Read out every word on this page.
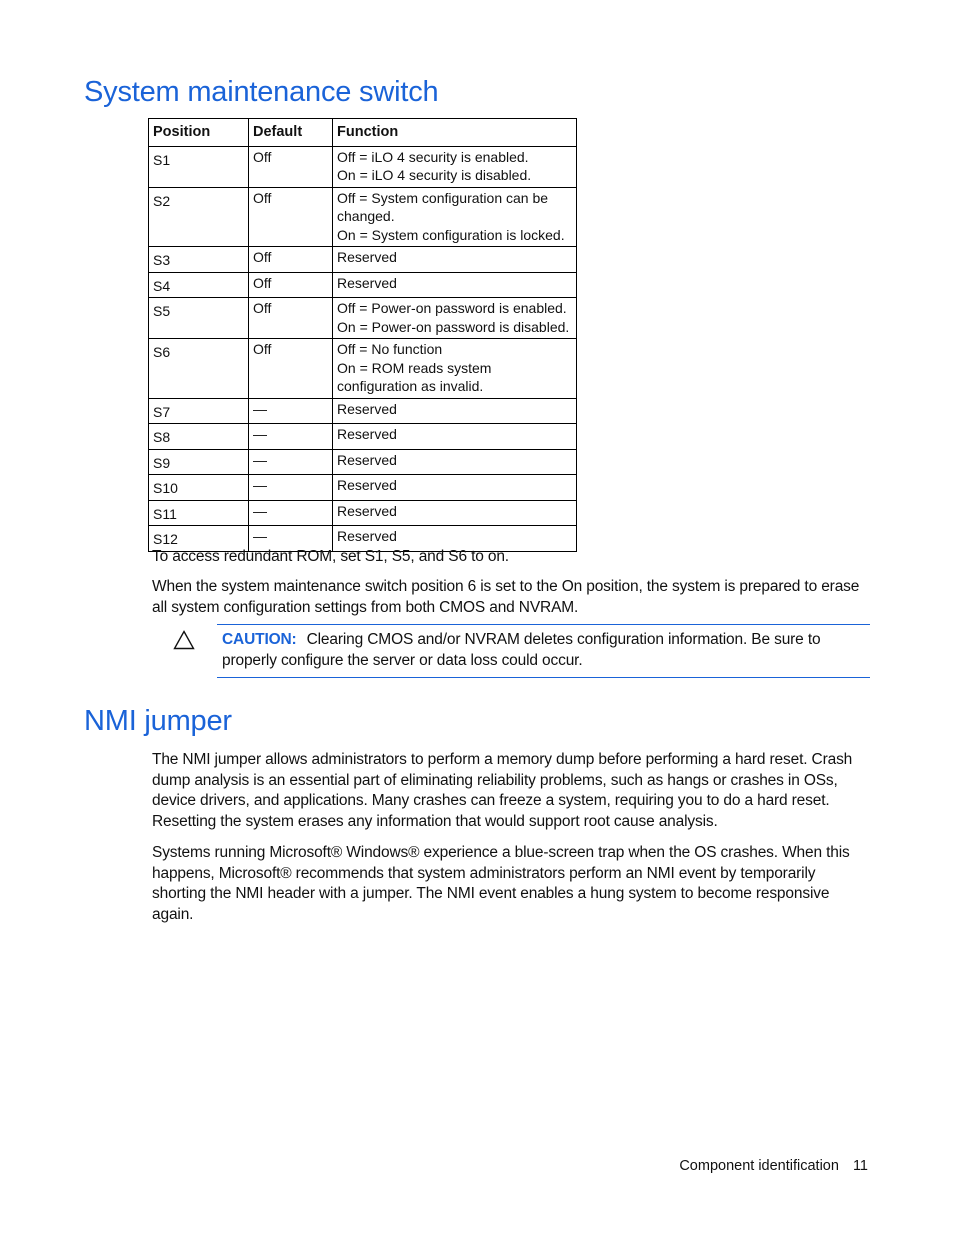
System maintenance switch
Position	Default	Function
S1	Off	Off = iLO 4 security is enabled.
On = iLO 4 security is disabled.

S2	Off	Off = System configuration can be changed.
On = System configuration is locked.

S3	Off	Reserved

S4	Off	Reserved

S5	Off	Off = Power-on password is enabled.
On = Power-on password is disabled.

S6	Off	Off = No function
On = ROM reads system configuration as invalid.

S7	—	Reserved

S8	—	Reserved

S9	—	Reserved

S10	—	Reserved

S11	—	Reserved

S12	—	Reserved

To access redundant ROM, set S1, S5, and S6 to on.

When the system maintenance switch position 6 is set to the On position, the system is prepared to erase all system configuration settings from both CMOS and NVRAM.

CAUTION: Clearing CMOS and/or NVRAM deletes configuration information. Be sure to properly configure the server or data loss could occur.

NMI jumper

The NMI jumper allows administrators to perform a memory dump before performing a hard reset. Crash dump analysis is an essential part of eliminating reliability problems, such as hangs or crashes in OSs, device drivers, and applications. Many crashes can freeze a system, requiring you to do a hard reset. Resetting the system erases any information that would support root cause analysis.

Systems running Microsoft® Windows® experience a blue-screen trap when the OS crashes. When this happens, Microsoft® recommends that system administrators perform an NMI event by temporarily shorting the NMI header with a jumper. The NMI event enables a hung system to become responsive again.

Component identification 11
